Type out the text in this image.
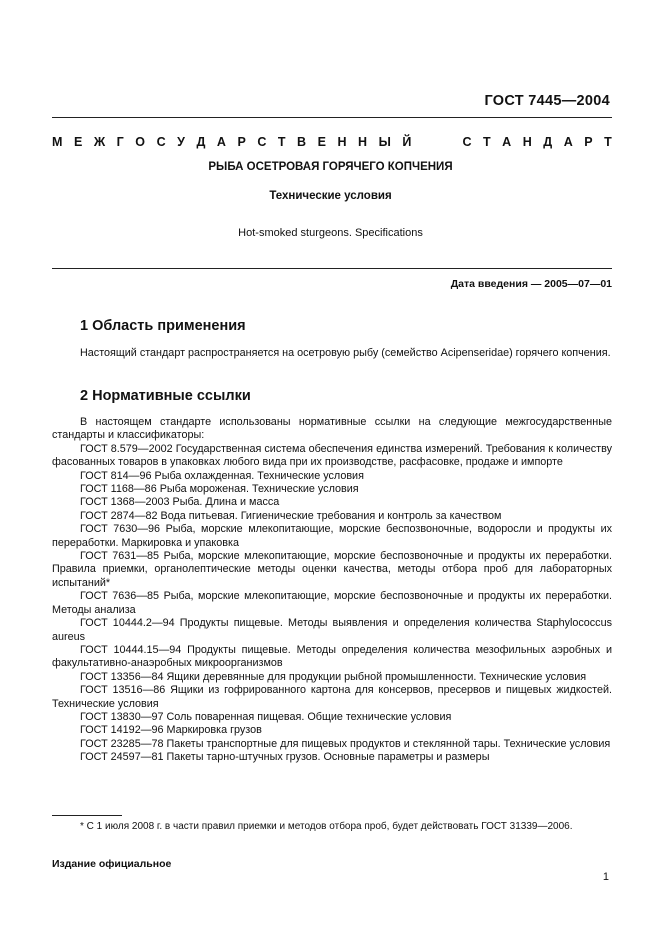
ГОСТ 7445—2004
М Е Ж Г О С У Д А Р С Т В Е Н Н Ы Й	С Т А Н Д А Р Т
РЫБА ОСЕТРОВАЯ ГОРЯЧЕГО КОПЧЕНИЯ
Технические условия
Hot-smoked sturgeons. Specifications
Дата введения — 2005—07—01
1 Область применения

Настоящий стандарт распространяется на осетровую рыбу (семейство Acipenseridae) горячего копчения.

2 Нормативные ссылки

В настоящем стандарте использованы нормативные ссылки на следующие межгосударственные стандарты и классификаторы:

ГОСТ 8.579—2002 Государственная система обеспечения единства измерений. Требования к количеству фасованных товаров в упаковках любого вида при их производстве, расфасовке, продаже и импорте

ГОСТ 814—96 Рыба охлажденная. Технические условия

ГОСТ 1168—86 Рыба мороженая. Технические условия

ГОСТ 1368—2003 Рыба. Длина и масса

ГОСТ 2874—82 Вода питьевая. Гигиенические требования и контроль за качеством

ГОСТ 7630—96 Рыба, морские млекопитающие, морские беспозвоночные, водоросли и продукты их переработки. Маркировка и упаковка

ГОСТ 7631—85 Рыба, морские млекопитающие, морские беспозвоночные и продукты их переработки. Правила приемки, органолептические методы оценки качества, методы отбора проб для лабораторных испытаний*

ГОСТ 7636—85 Рыба, морские млекопитающие, морские беспозвоночные и продукты их переработки. Методы анализа

ГОСТ 10444.2—94 Продукты пищевые. Методы выявления и определения количества Staphylococcus aureus

ГОСТ 10444.15—94 Продукты пищевые. Методы определения количества мезофильных аэробных и факультативно-анаэробных микроорганизмов

ГОСТ 13356—84 Ящики деревянные для продукции рыбной промышленности. Технические условия

ГОСТ 13516—86 Ящики из гофрированного картона для консервов, пресервов и пищевых жидкостей. Технические условия

ГОСТ 13830—97 Соль поваренная пищевая. Общие технические условия

ГОСТ 14192—96 Маркировка грузов

ГОСТ 23285—78 Пакеты транспортные для пищевых продуктов и стеклянной тары. Технические условия

ГОСТ 24597—81 Пакеты тарно-штучных грузов. Основные параметры и размеры

* С 1 июля 2008 г. в части правил приемки и методов отбора проб, будет действовать ГОСТ 31339—2006.
Издание официальное
1
